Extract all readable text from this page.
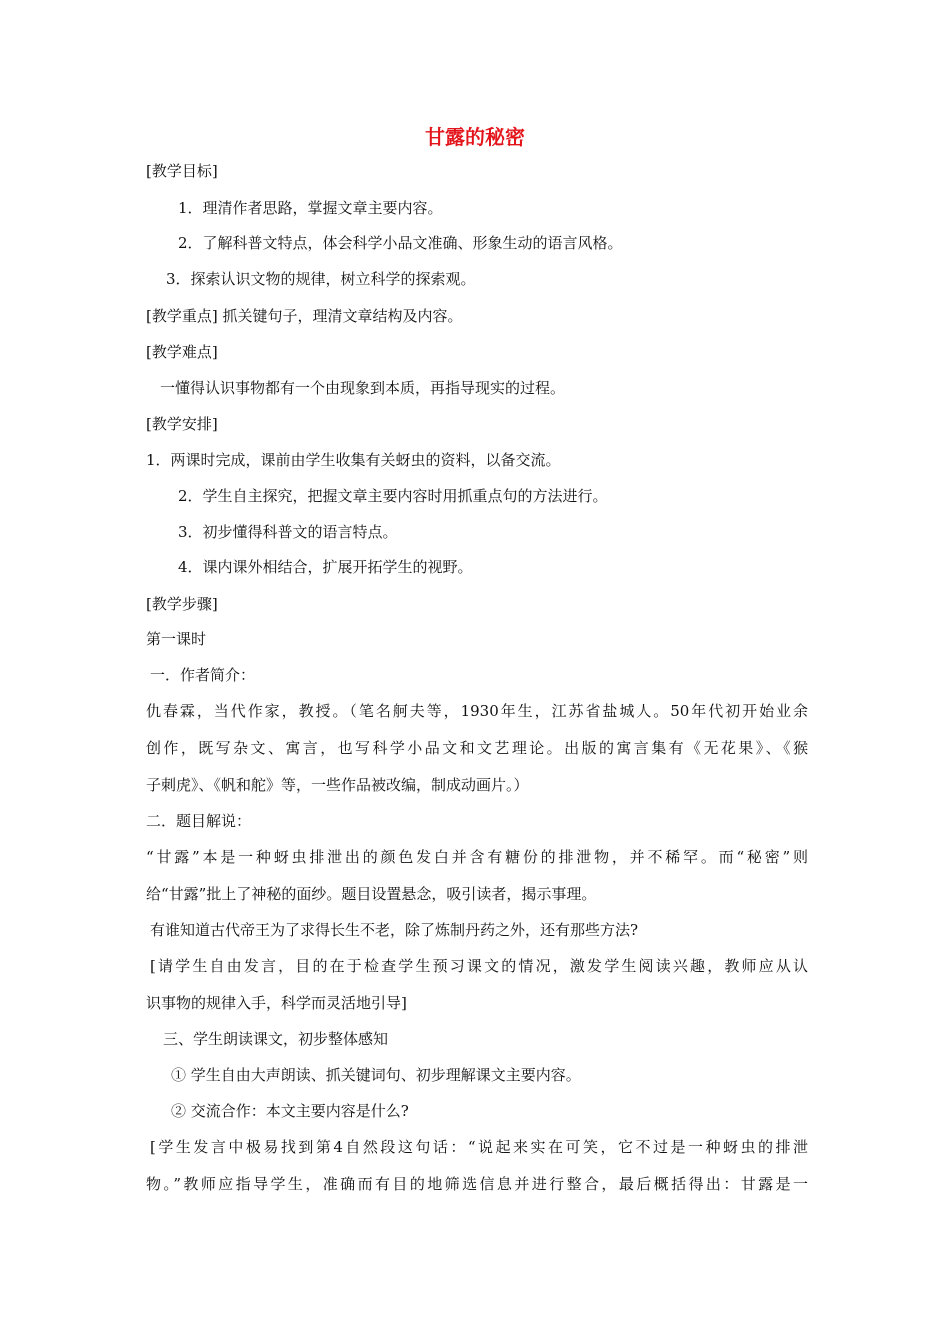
甘露的秘密
[教学目标]
1．理清作者思路，掌握文章主要内容。
2．了解科普文特点，体会科学小品文准确、形象生动的语言风格。
3．探索认识文物的规律，树立科学的探索观。
[教学重点] 抓关键句子，理清文章结构及内容。
[教学难点]
一懂得认识事物都有一个由现象到本质，再指导现实的过程。
[教学安排]
1．两课时完成，课前由学生收集有关蚜虫的资料，以备交流。
2．学生自主探究，把握文章主要内容时用抓重点句的方法进行。
3．初步懂得科普文的语言特点。
4．课内课外相结合，扩展开拓学生的视野。
[教学步骤]
第一课时
一．作者简介：
仇春霖，当代作家，教授。（笔名舸夫等，1930年生，江苏省盐城人。50年代初开始业余
创作，既写杂文、寓言，也写科学小品文和文艺理论。出版的寓言集有《无花果》、《猴
子刺虎》、《帆和舵》等，一些作品被改编，制成动画片。）
二．题目解说：
“甘露”本是一种蚜虫排泄出的颜色发白并含有糖份的排泄物，并不稀罕。而“秘密”则
给“甘露”批上了神秘的面纱。题目设置悬念，吸引读者，揭示事理。
有谁知道古代帝王为了求得长生不老，除了炼制丹药之外，还有那些方法?
[请学生自由发言，目的在于检查学生预习课文的情况，激发学生阅读兴趣，教师应从认
识事物的规律入手，科学而灵活地引导]
三、学生朗读课文，初步整体感知
① 学生自由大声朗读、抓关键词句、初步理解课文主要内容。
② 交流合作：本文主要内容是什么?
[学生发言中极易找到第4自然段这句话：“说起来实在可笑，它不过是一种蚜虫的排泄
物。”教师应指导学生，准确而有目的地筛选信息并进行整合，最后概括得出：甘露是一
